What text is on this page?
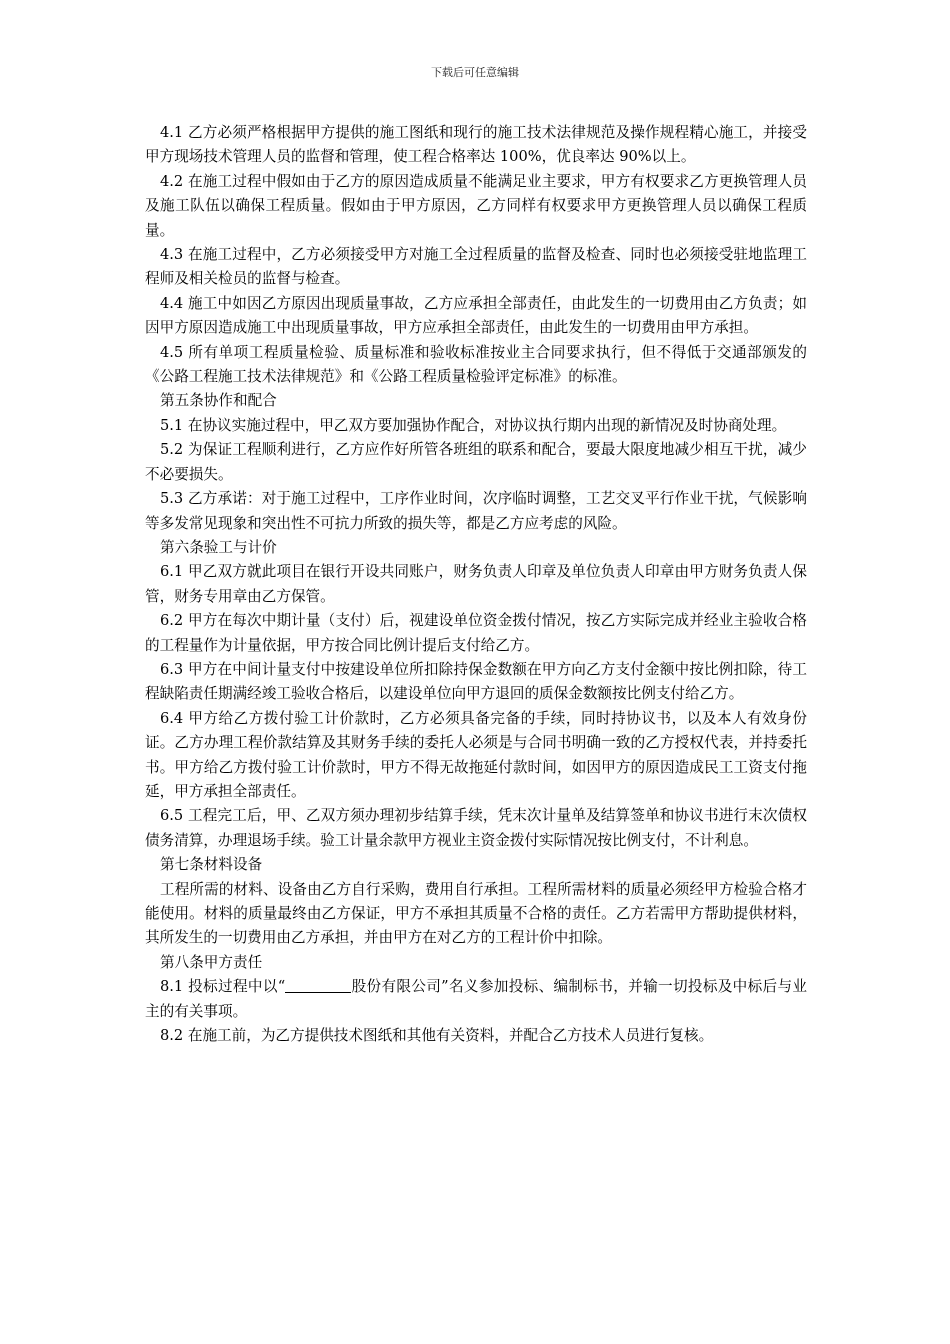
下载后可任意编辑

4.1 乙方必须严格根据甲方提供的施工图纸和现行的施工技术法律规范及操作规程精心施工，并接受甲方现场技术管理人员的监督和管理，使工程合格率达 100%，优良率达 90%以上。

4.2 在施工过程中假如由于乙方的原因造成质量不能满足业主要求，甲方有权要求乙方更换管理人员及施工队伍以确保工程质量。假如由于甲方原因，乙方同样有权要求甲方更换管理人员以确保工程质量。

4.3 在施工过程中，乙方必须接受甲方对施工全过程质量的监督及检查、同时也必须接受驻地监理工程师及相关检员的监督与检查。

4.4 施工中如因乙方原因出现质量事故，乙方应承担全部责任，由此发生的一切费用由乙方负责；如因甲方原因造成施工中出现质量事故，甲方应承担全部责任，由此发生的一切费用由甲方承担。

4.5 所有单项工程质量检验、质量标准和验收标准按业主合同要求执行，但不得低于交通部颁发的《公路工程施工技术法律规范》和《公路工程质量检验评定标准》的标准。

第五条协作和配合

5.1 在协议实施过程中，甲乙双方要加强协作配合，对协议执行期内出现的新情况及时协商处理。

5.2 为保证工程顺利进行，乙方应作好所管各班组的联系和配合，要最大限度地减少相互干扰，减少不必要损失。

5.3 乙方承诺：对于施工过程中，工序作业时间，次序临时调整，工艺交叉平行作业干扰，气候影响等多发常见现象和突出性不可抗力所致的损失等，都是乙方应考虑的风险。

第六条验工与计价

6.1 甲乙双方就此项目在银行开设共同账户，财务负责人印章及单位负责人印章由甲方财务负责人保管，财务专用章由乙方保管。

6.2 甲方在每次中期计量（支付）后，视建设单位资金拨付情况，按乙方实际完成并经业主验收合格的工程量作为计量依据，甲方按合同比例计提后支付给乙方。

6.3 甲方在中间计量支付中按建设单位所扣除持保金数额在甲方向乙方支付金额中按比例扣除，待工程缺陷责任期满经竣工验收合格后，以建设单位向甲方退回的质保金数额按比例支付给乙方。

6.4 甲方给乙方拨付验工计价款时，乙方必须具备完备的手续，同时持协议书，以及本人有效身份证。乙方办理工程价款结算及其财务手续的委托人必须是与合同书明确一致的乙方授权代表，并持委托书。甲方给乙方拨付验工计价款时，甲方不得无故拖延付款时间，如因甲方的原因造成民工工资支付拖延，甲方承担全部责任。

6.5 工程完工后，甲、乙双方须办理初步结算手续，凭末次计量单及结算签单和协议书进行末次债权债务清算，办理退场手续。验工计量余款甲方视业主资金拨付实际情况按比例支付，不计利息。

第七条材料设备

工程所需的材料、设备由乙方自行采购，费用自行承担。工程所需材料的质量必须经甲方检验合格才能使用。材料的质量最终由乙方保证，甲方不承担其质量不合格的责任。乙方若需甲方帮助提供材料，其所发生的一切费用由乙方承担，并由甲方在对乙方的工程计价中扣除。

第八条甲方责任

8.1 投标过程中以“	股份有限公司”名义参加投标、编制标书，并输一切投标及中标后与业主的有关事项。

8.2 在施工前，为乙方提供技术图纸和其他有关资料，并配合乙方技术人员进行复核。
